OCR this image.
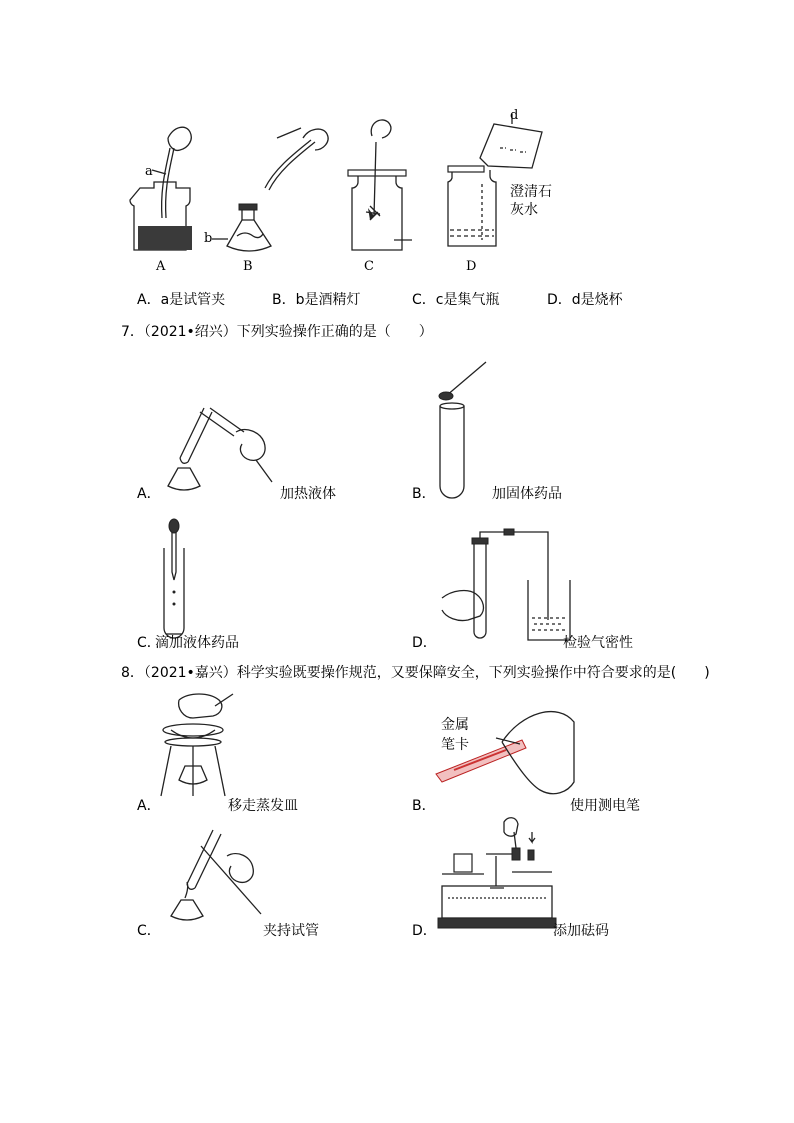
a
b
d
澄清石
灰水
A	B	C	D
A．a是试管夹	B．b是酒精灯	C．c是集气瓶	D．d是烧杯
7．（2021•绍兴）下列实验操作正确的是（　　）
A．	加热液体	B．	加固体药品
C．
滴加液体药品	D．	检验气密性
8．（2021•嘉兴）科学实验既要操作规范，又要保障安全，下列实验操作中符合要求的是(　　)
A．	移走蒸发皿
金属
笔卡
B．	使用测电笔
C．	夹持试管	D．	添加砝码
